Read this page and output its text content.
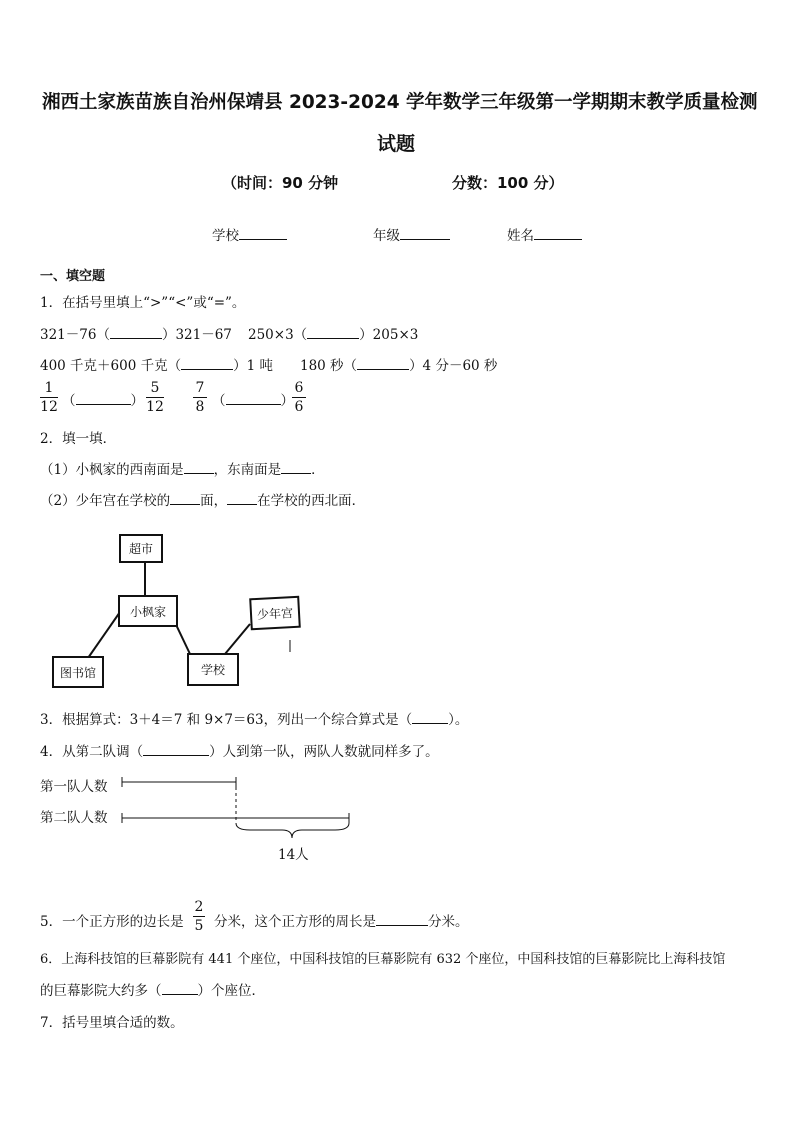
湘西土家族苗族自治州保靖县 2023-2024 学年数学三年级第一学期期末教学质量检测
试题
（时间：90 分钟	分数：100 分）
学校	年级	姓名
一、填空题
1．在括号里填上“>”“<”或“=”。
321－76（	）321－67 250×3（	）205×3
400 千克＋600 千克（	）1 吨 180 秒（	）4 分－60 秒
1
12 （	）
5
12
7
8 （	）
6
6
2．填一填．
（1）小枫家的西南面是 ，东南面是 ．
（2）少年宫在学校的 面， 在学校的西北面．
超市
小枫家	少年宫
图书馆	学校
3．根据算式：3＋4＝7 和 9×7＝63，列出一个综合算式是（	）。
4．从第二队调（	）人到第一队，两队人数就同样多了。
第一队人数
第二队人数
14人
5．一个正方形的边长是
2
5 分米，这个正方形的周长是	分米。
6．上海科技馆的巨幕影院有 441 个座位，中国科技馆的巨幕影院有 632 个座位，中国科技馆的巨幕影院比上海科技馆
的巨幕影院大约多（	）个座位．
7．括号里填合适的数。
